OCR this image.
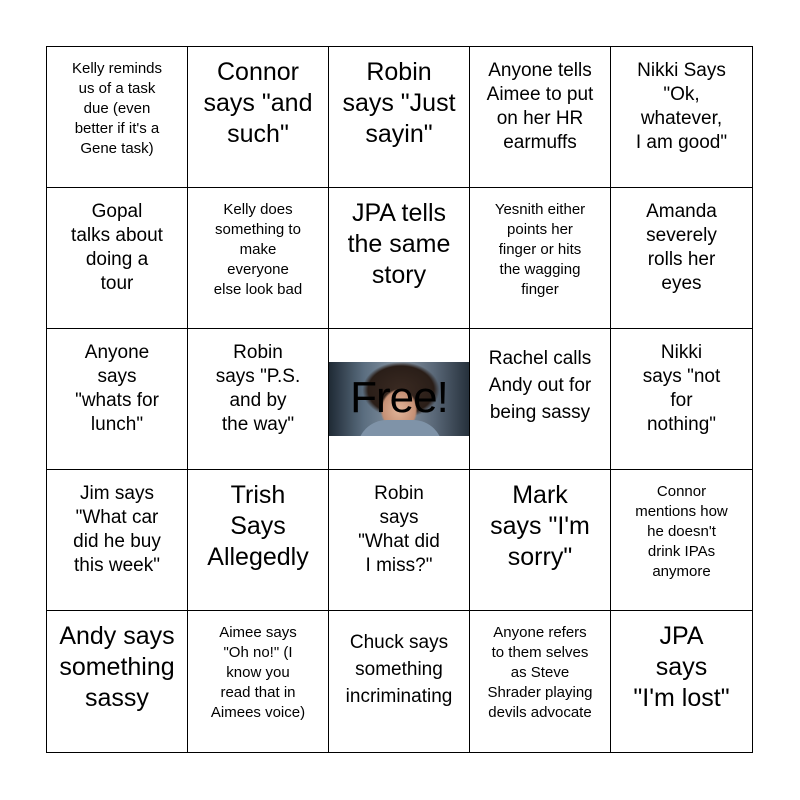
Kelly reminds
us of a task
due (even
better if it's a
Gene task)
Connor
says "and
such"
Robin
says "Just
sayin"
Anyone tells
Aimee to put
on her HR
earmuffs
Nikki Says
"Ok,
whatever,
I am good"
Gopal
talks about
doing a
tour
Kelly does
something to
make
everyone
else look bad
JPA tells
the same
story
Yesnith either
points her
finger or hits
the wagging
finger
Amanda
severely
rolls her
eyes
Anyone
says
"whats for
lunch"
Robin
says "P.S.
and by
the way"

Free!

Rachel calls
Andy out for
being sassy
Nikki
says "not
for
nothing"
Jim says
"What car
did he buy
this week"
Trish
Says
Allegedly
Robin
says
"What did
I miss?"
Mark
says "I'm
sorry"
Connor
mentions how
he doesn't
drink IPAs
anymore
Andy says
something
sassy
Aimee says
"Oh no!" (I
know you
read that in
Aimees voice)
Chuck says
something
incriminating
Anyone refers
to them selves
as Steve
Shrader playing
devils advocate
JPA
says
"I'm lost"
